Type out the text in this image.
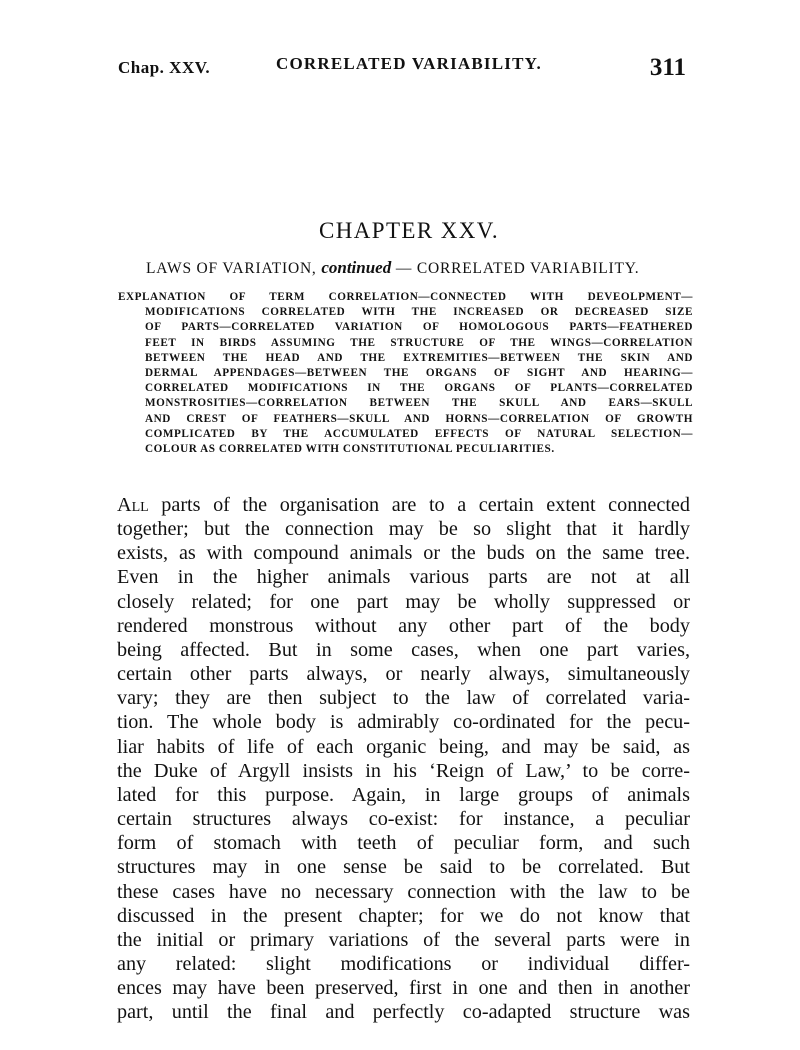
Chap. XXV.	CORRELATED VARIABILITY.	311
CHAPTER XXV.
LAWS OF VARIATION, continued — CORRELATED VARIABILITY.
EXPLANATION OF TERM CORRELATION—CONNECTED WITH DEVEOLPMENT—
MODIFICATIONS CORRELATED WITH THE INCREASED OR DECREASED SIZE
OF PARTS—CORRELATED VARIATION OF HOMOLOGOUS PARTS—FEATHERED
FEET IN BIRDS ASSUMING THE STRUCTURE OF THE WINGS—CORRELATION
BETWEEN THE HEAD AND THE EXTREMITIES—BETWEEN THE SKIN AND
DERMAL APPENDAGES—BETWEEN THE ORGANS OF SIGHT AND HEARING—
CORRELATED MODIFICATIONS IN THE ORGANS OF PLANTS—CORRELATED
MONSTROSITIES—CORRELATION BETWEEN THE SKULL AND EARS—SKULL
AND CREST OF FEATHERS—SKULL AND HORNS—CORRELATION OF GROWTH
COMPLICATED BY THE ACCUMULATED EFFECTS OF NATURAL SELECTION—
COLOUR AS CORRELATED WITH CONSTITUTIONAL PECULIARITIES.
All parts of the organisation are to a certain extent connected
together; but the connection may be so slight that it hardly
exists, as with compound animals or the buds on the same tree.
Even in the higher animals various parts are not at all
closely related; for one part may be wholly suppressed or
rendered monstrous without any other part of the body
being affected. But in some cases, when one part varies,
certain other parts always, or nearly always, simultaneously
vary; they are then subject to the law of correlated varia-
tion. The whole body is admirably co-ordinated for the pecu-
liar habits of life of each organic being, and may be said, as
the Duke of Argyll insists in his ‘Reign of Law,’ to be corre-
lated for this purpose. Again, in large groups of animals
certain structures always co-exist: for instance, a peculiar
form of stomach with teeth of peculiar form, and such
structures may in one sense be said to be correlated. But
these cases have no necessary connection with the law to be
discussed in the present chapter; for we do not know that
the initial or primary variations of the several parts were in
any related: slight modifications or individual differ-
ences may have been preserved, first in one and then in another
part, until the final and perfectly co-adapted structure was
